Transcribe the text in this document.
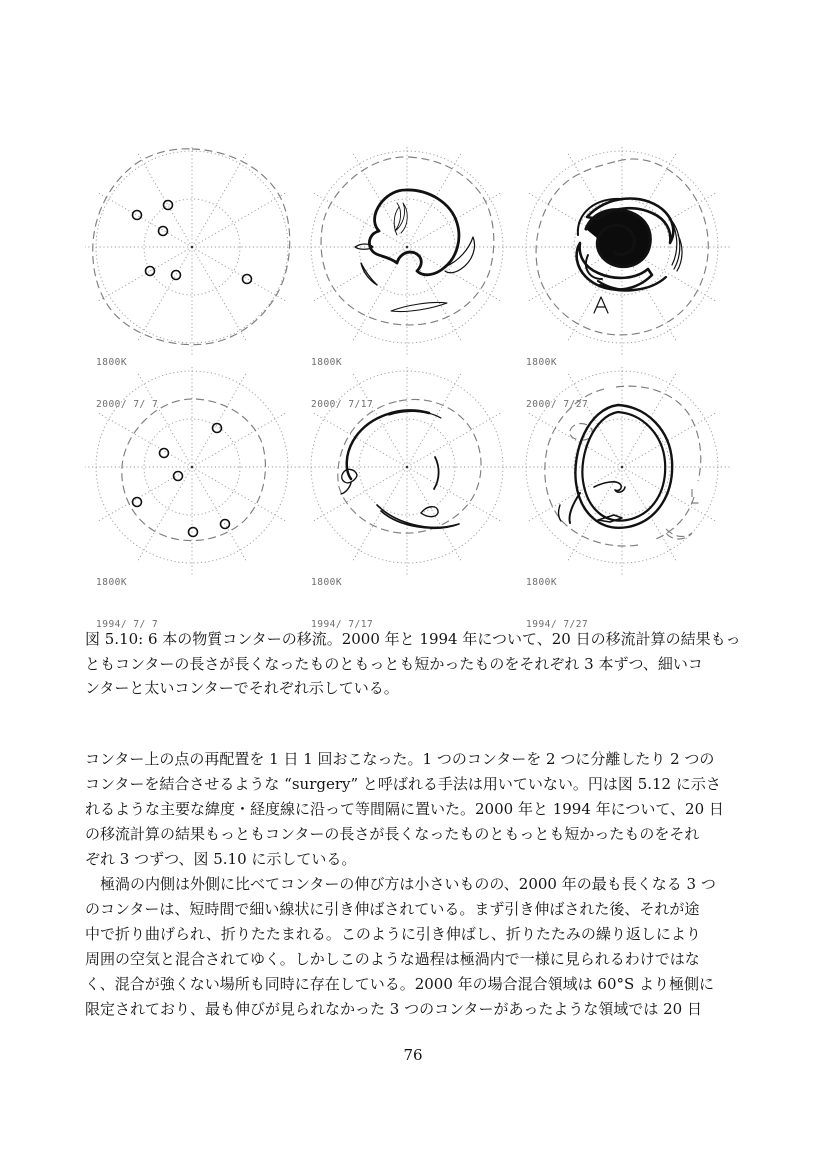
1800K

2000/ 7/ 7

1800K

2000/ 7/17

1800K

2000/ 7/27

1800K

1994/ 7/ 7

1800K

1994/ 7/17

1800K

1994/ 7/27

図 5.10: 6 本の物質コンターの移流。2000 年と 1994 年について、20 日の移流計算の結果もっ
ともコンターの長さが長くなったものともっとも短かったものをそれぞれ 3 本ずつ、細いコ
ンターと太いコンターでそれぞれ示している。
コンター上の点の再配置を 1 日 1 回おこなった。1 つのコンターを 2 つに分離したり 2 つの
コンターを結合させるような “surgery” と呼ばれる手法は用いていない。円は図 5.12 に示さ
れるような主要な緯度・経度線に沿って等間隔に置いた。2000 年と 1994 年について、20 日
の移流計算の結果もっともコンターの長さが長くなったものともっとも短かったものをそれ
ぞれ 3 つずつ、図 5.10 に示している。
　極渦の内側は外側に比べてコンターの伸び方は小さいものの、2000 年の最も長くなる 3 つ
のコンターは、短時間で細い線状に引き伸ばされている。まず引き伸ばされた後、それが途
中で折り曲げられ、折りたたまれる。このように引き伸ばし、折りたたみの繰り返しにより
周囲の空気と混合されてゆく。しかしこのような過程は極渦内で一様に見られるわけではな
く、混合が強くない場所も同時に存在している。2000 年の場合混合領域は 60°S より極側に
限定されており、最も伸びが見られなかった 3 つのコンターがあったような領域では 20 日
76
